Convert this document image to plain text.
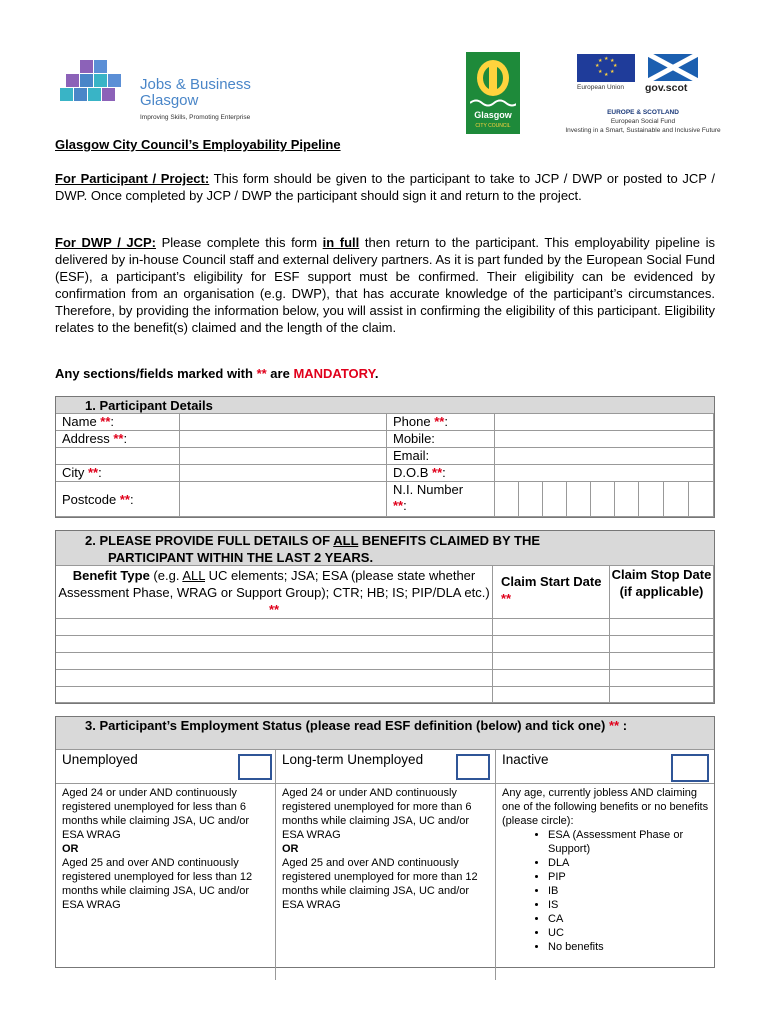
Jobs & Business
Glasgow
Improving Skills, Promoting Enterprise	Glasgow
CITY COUNCIL
★ ★
★
★
★
★
★
★
European Union	gov.scot
EUROPE & SCOTLAND
European Social Fund
Investing in a Smart, Sustainable and Inclusive Future
Glasgow City Council’s Employability Pipeline
For Participant / Project: This form should be given to the participant to take to JCP / DWP or posted to JCP / DWP. Once completed by JCP / DWP the participant should sign it and return to the project.
For DWP / JCP: Please complete this form in full then return to the participant. This employability pipeline is delivered by in-house Council staff and external delivery partners. As it is part funded by the European Social Fund (ESF), a participant’s eligibility for ESF support must be confirmed. Their eligibility can be evidenced by confirmation from an organisation (e.g. DWP), that has accurate knowledge of the participant’s circumstances. Therefore, by providing the information below, you will assist in confirming the eligibility of this participant. Eligibility relates to the benefit(s) claimed and the length of the claim.
Any sections/fields marked with ** are MANDATORY.
1. Participant Details
Name **:
Address **:
City **:
Postcode **:
Phone **:
Mobile:
Email:
D.O.B **:
N.I. Number
**:
2. PLEASE PROVIDE FULL DETAILS OF ALL BENEFITS CLAIMED BY THE
PARTICIPANT WITHIN THE LAST 2 YEARS.
Benefit Type (e.g. ALL UC elements; JSA; ESA (please state whether Assessment Phase, WRAG or Support Group); CTR; HB; IS; PIP/DLA etc.) **
Claim Start Date **
Claim Stop Date (if applicable)
3. Participant’s Employment Status (please read ESF definition (below) and tick one) ** :
Unemployed
Aged 24 or under AND continuously registered unemployed for less than 6 months while claiming JSA, UC and/or ESA WRAG
OR
Aged 25 and over AND continuously registered unemployed for less than 12 months while claiming JSA, UC and/or ESA WRAG
Long-term Unemployed
Aged 24 or under AND continuously registered unemployed for more than 6 months while claiming JSA, UC and/or ESA WRAG
OR
Aged 25 and over AND continuously registered unemployed for more than 12 months while claiming JSA, UC and/or ESA WRAG
Inactive
Any age, currently jobless AND claiming one of the following benefits or no benefits (please circle):
• ESA (Assessment Phase or Support)
• DLA
• PIP
• IB
• IS
• CA
• UC
• No benefits
